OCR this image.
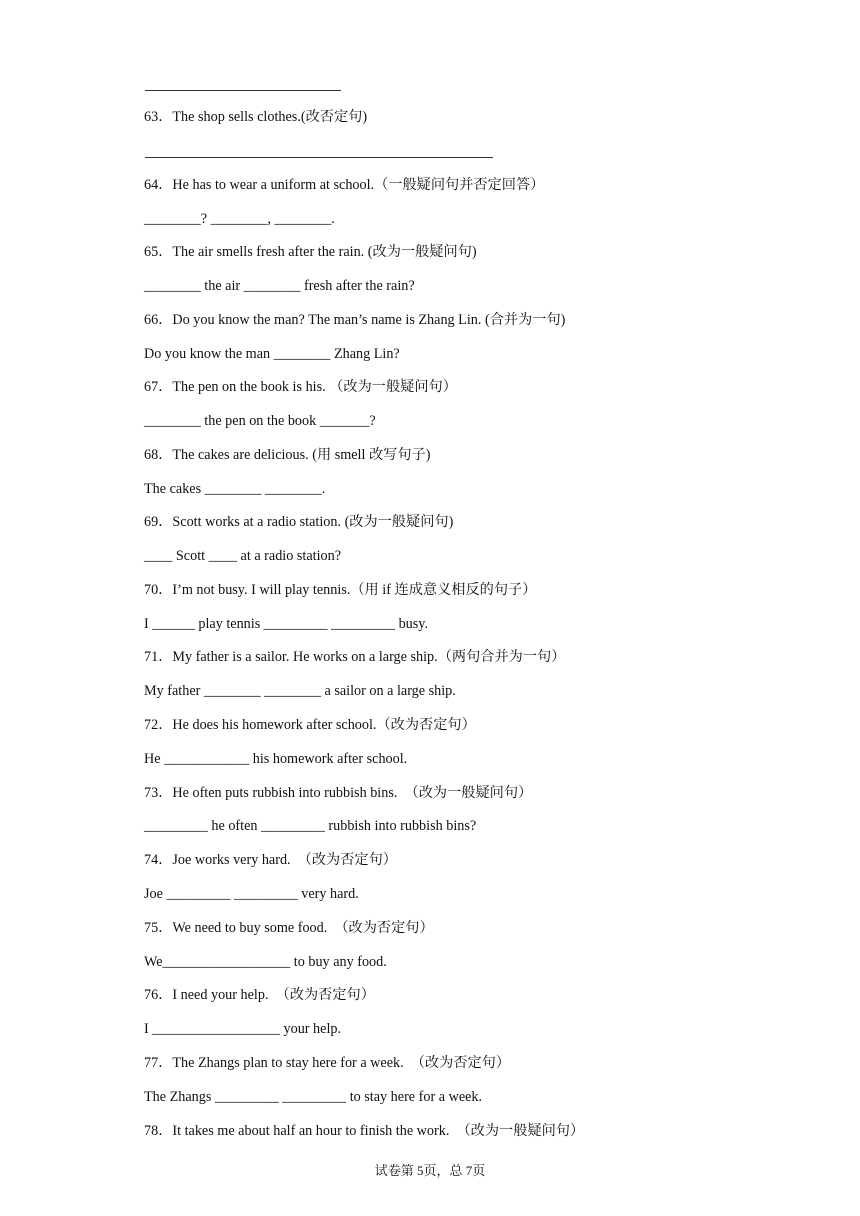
63．The shop sells clothes.(改否定句)
64．He has to wear a uniform at school.（一般疑问句并否定回答）
________? ________, ________.
65．The air smells fresh after the rain. (改为一般疑问句)
________ the air ________ fresh after the rain?
66．Do you know the man? The man’s name is Zhang Lin. (合并为一句)
Do you know the man ________ Zhang Lin?
67．The pen on the book is his. （改为一般疑问句）
________ the pen on the book _______?
68．The cakes are delicious. (用 smell 改写句子)
The cakes ________ ________.
69．Scott works at a radio station. (改为一般疑问句)
____ Scott ____ at a radio station?
70．I’m not busy. I will play tennis.（用 if 连成意义相反的句子）
I ______ play tennis _________ _________ busy.
71．My father is a sailor. He works on a large ship.（两句合并为一句）
My father ________ ________ a sailor on a large ship.
72．He does his homework after school.（改为否定句）
He ____________ his homework after school.
73．He often puts rubbish into rubbish bins.  （改为一般疑问句）
_________ he often _________ rubbish into rubbish bins?
74．Joe works very hard.  （改为否定句）
Joe _________ _________ very hard.
75．We need to buy some food.  （改为否定句）
We__________________ to buy any food.
76．I need your help.  （改为否定句）
I __________________ your help.
77．The Zhangs plan to stay here for a week.  （改为否定句）
The Zhangs _________ _________ to stay here for a week.
78．It takes me about half an hour to finish the work.  （改为一般疑问句）
试卷第 5页，总 7页
